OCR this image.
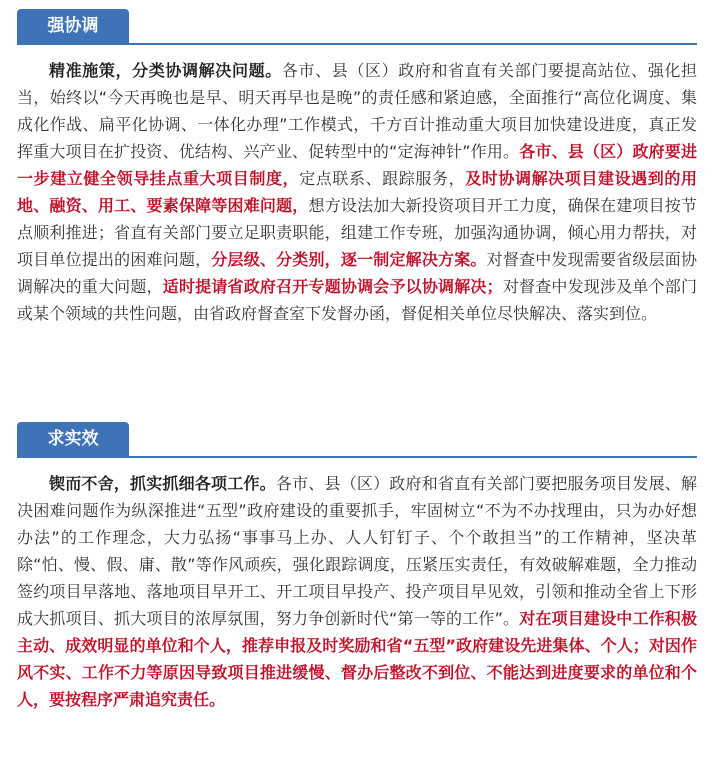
强协调

精准施策，分类协调解决问题。各市、县（区）政府和省直有关部门要提高站位、强化担当，始终以“今天再晚也是早、明天再早也是晚”的责任感和紧迫感，全面推行“高位化调度、集成化作战、扁平化协调、一体化办理”工作模式，千方百计推动重大项目加快建设进度，真正发挥重大项目在扩投资、优结构、兴产业、促转型中的“定海神针”作用。各市、县（区）政府要进一步建立健全领导挂点重大项目制度，定点联系、跟踪服务，及时协调解决项目建设遇到的用地、融资、用工、要素保障等困难问题，想方设法加大新投资项目开工力度，确保在建项目按节点顺利推进；省直有关部门要立足职责职能，组建工作专班，加强沟通协调，倾心用力帮扶，对项目单位提出的困难问题，分层级、分类别，逐一制定解决方案。对督查中发现需要省级层面协调解决的重大问题，适时提请省政府召开专题协调会予以协调解决；对督查中发现涉及单个部门或某个领域的共性问题，由省政府督查室下发督办函，督促相关单位尽快解决、落实到位。

求实效

锲而不舍，抓实抓细各项工作。各市、县（区）政府和省直有关部门要把服务项目发展、解决困难问题作为纵深推进“五型”政府建设的重要抓手，牢固树立“不为不办找理由，只为办好想办法”的工作理念，大力弘扬“事事马上办、人人钉钉子、个个敢担当”的工作精神，坚决革除“怕、慢、假、庸、散”等作风顽疾，强化跟踪调度，压紧压实责任，有效破解难题，全力推动签约项目早落地、落地项目早开工、开工项目早投产、投产项目早见效，引领和推动全省上下形成大抓项目、抓大项目的浓厚氛围，努力争创新时代“第一等的工作”。对在项目建设中工作积极主动、成效明显的单位和个人，推荐申报及时奖励和省“五型”政府建设先进集体、个人；对因作风不实、工作不力等原因导致项目推进缓慢、督办后整改不到位、不能达到进度要求的单位和个人，要按程序严肃追究责任。
